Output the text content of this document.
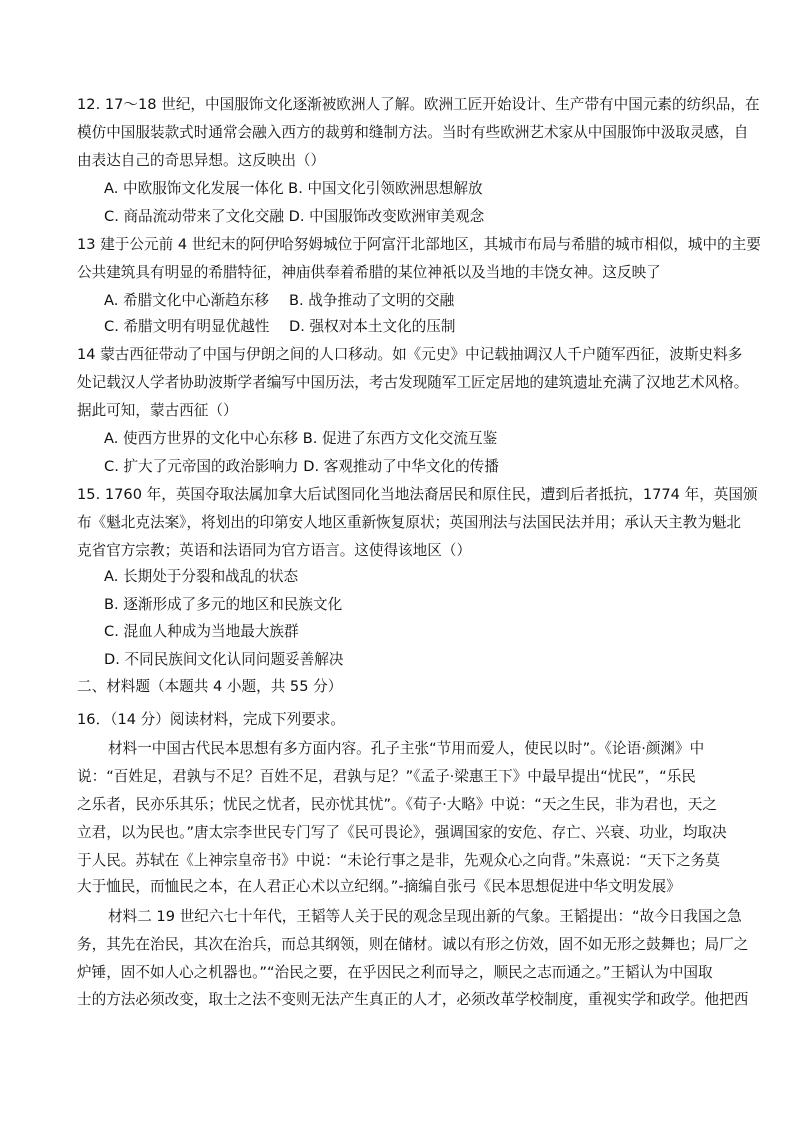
12. 17～18 世纪，中国服饰文化逐渐被欧洲人了解。欧洲工匠开始设计、生产带有中国元素的纺织品，在
模仿中国服装款式时通常会融入西方的裁剪和缝制方法。当时有些欧洲艺术家从中国服饰中汲取灵感，自
由表达自己的奇思异想。这反映出（）
A. 中欧服饰文化发展一体化 B. 中国文化引领欧洲思想解放
C. 商品流动带来了文化交融 D. 中国服饰改变欧洲审美观念
13 建于公元前 4 世纪末的阿伊哈努姆城位于阿富汗北部地区，其城市布局与希腊的城市相似，城中的主要
公共建筑具有明显的希腊特征，神庙供奉着希腊的某位神祇以及当地的丰饶女神。这反映了
A. 希腊文化中心渐趋东移 B. 战争推动了文明的交融
C. 希腊文明有明显优越性 D. 强权对本土文化的压制
14 蒙古西征带动了中国与伊朗之间的人口移动。如《元史》中记载抽调汉人千户随军西征，波斯史料多
处记载汉人学者协助波斯学者编写中国历法，考古发现随军工匠定居地的建筑遗址充满了汉地艺术风格。
据此可知，蒙古西征（）
A. 使西方世界的文化中心东移 B. 促进了东西方文化交流互鉴
C. 扩大了元帝国的政治影响力 D. 客观推动了中华文化的传播
15. 1760 年，英国夺取法属加拿大后试图同化当地法裔居民和原住民，遭到后者抵抗，1774 年，英国颁
布《魁北克法案》，将划出的印第安人地区重新恢复原状；英国刑法与法国民法并用；承认天主教为魁北
克省官方宗教；英语和法语同为官方语言。这使得该地区（）
A. 长期处于分裂和战乱的状态
B. 逐渐形成了多元的地区和民族文化
C. 混血人种成为当地最大族群
D. 不同民族间文化认同问题妥善解决
二、材料题（本题共 4 小题，共 55 分）
16．（14 分）阅读材料，完成下列要求。
材料一中国古代民本思想有多方面内容。孔子主张“节用而爱人，使民以时”。《论语·颜渊》中
说：“百姓足，君孰与不足？百姓不足，君孰与足？”《孟子·梁惠王下》中最早提出“忧民”，“乐民
之乐者，民亦乐其乐；忧民之忧者，民亦忧其忧”。《荀子·大略》中说：“天之生民，非为君也，天之
立君，以为民也。”唐太宗李世民专门写了《民可畏论》，强调国家的安危、存亡、兴衰、功业，均取决
于人民。苏轼在《上神宗皇帝书》中说：“未论行事之是非，先观众心之向背。”朱熹说：“天下之务莫
大于恤民，而恤民之本，在人君正心术以立纪纲。”-摘编自张弓《民本思想促进中华文明发展》
材料二 19 世纪六七十年代，王韬等人关于民的观念呈现出新的气象。王韬提出：“故今日我国之急
务，其先在治民，其次在治兵，而总其纲领，则在储材。诚以有形之仿效，固不如无形之鼓舞也；局厂之
炉锤，固不如人心之机器也。”“治民之要，在乎因民之利而导之，顺民之志而通之。”王韬认为中国取
士的方法必须改变，取士之法不变则无法产生真正的人才，必须改革学校制度，重视实学和政学。他把西
